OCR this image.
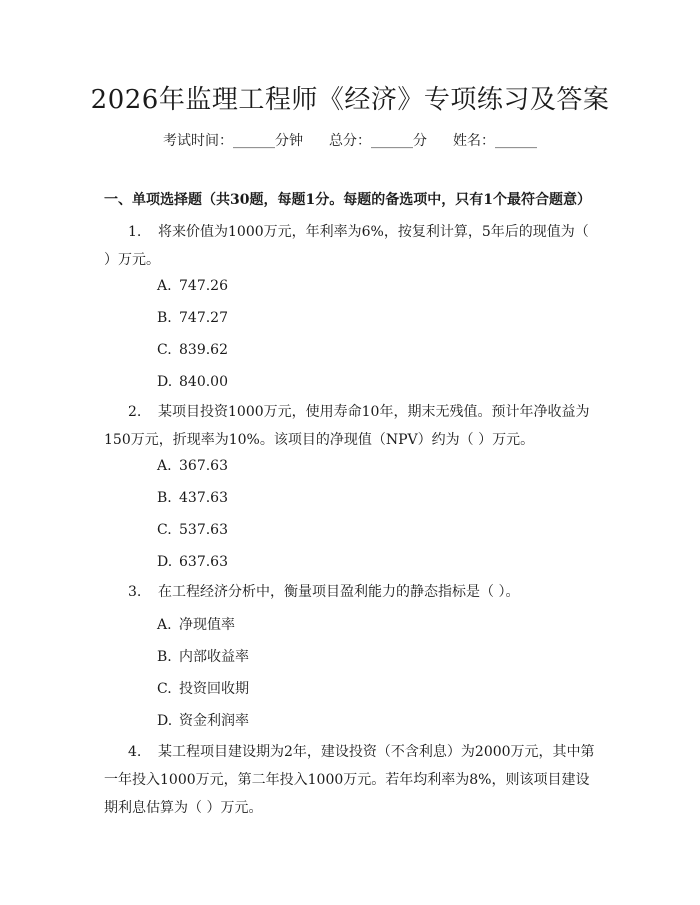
2026年监理工程师《经济》专项练习及答案
考试时间：______分钟 总分：______分 姓名：______
一、单项选择题（共30题，每题1分。每题的备选项中，只有1个最符合题意）
1. 将来价值为1000万元，年利率为6%，按复利计算，5年后的现值为（ ）万元。
A. 747.26
B. 747.27
C. 839.62
D. 840.00
2. 某项目投资1000万元，使用寿命10年，期末无残值。预计年净收益为150万元，折现率为10%。该项目的净现值（NPV）约为（ ）万元。
A. 367.63
B. 437.63
C. 537.63
D. 637.63
3. 在工程经济分析中，衡量项目盈利能力的静态指标是（ ）。
A. 净现值率
B. 内部收益率
C. 投资回收期
D. 资金利润率
4. 某工程项目建设期为2年，建设投资（不含利息）为2000万元，其中第一年投入1000万元，第二年投入1000万元。若年均利率为8%，则该项目建设期利息估算为（ ）万元。
